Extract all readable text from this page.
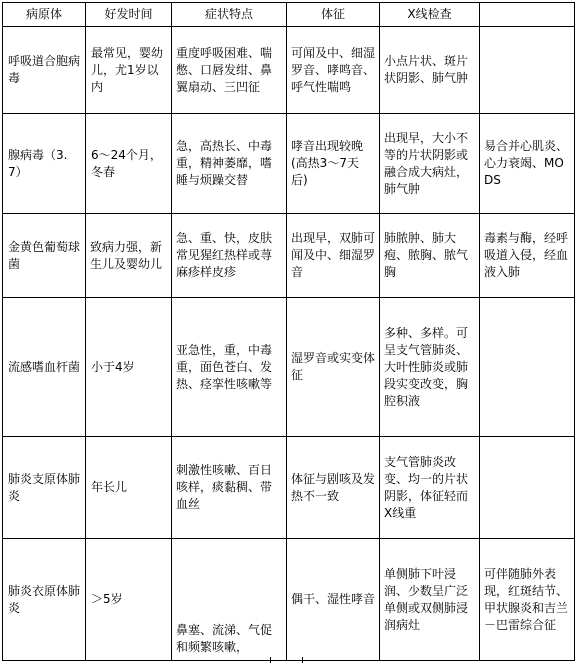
病原体	好发时间	症状特点	体征	X线检查	
呼吸道合胞病毒	最常见，婴幼儿，尤1岁以内	重度呼吸困难、喘憋、口唇发绀、鼻翼扇动、三凹征	可闻及中、细湿罗音、哮鸣音、呼气性喘鸣	小点片状、斑片状阴影、肺气肿	
腺病毒（3.7）	6～24个月，冬春	急，高热长、中毒重，精神萎靡，嗜睡与烦躁交替	哮音出现较晚(高热3～7天后)	出现早，大小不等的片状阴影或融合成大病灶，肺气肿	易合并心肌炎、心力衰竭、MODS
金黄色葡萄球菌	致病力强，新生儿及婴幼儿	急、重、快，皮肤常见猩红热样或荨麻疹样皮疹	出现早，双肺可闻及中、细湿罗音	肺脓肿、肺大疱、脓胸、脓气胸	毒素与酶，经呼吸道入侵，经血液入肺
流感嗜血杆菌	小于4岁	亚急性，重，中毒重，面色苍白、发热、痉挛性咳嗽等	湿罗音或实变体征	多种、多样。可呈支气管肺炎、大叶性肺炎或肺段实变改变，胸腔积液	
肺炎支原体肺炎	年长儿	刺激性咳嗽、百日咳样，痰黏稠、带血丝	体征与剧咳及发热不一致	支气管肺炎改变、均一的片状阴影，体征轻而X线重	
肺炎衣原体肺炎	＞5岁	鼻塞、流涕、气促和频繁咳嗽，	偶干、湿性哮音	单侧肺下叶浸润、少数呈广泛单侧或双侧肺浸润病灶	可伴随肺外表现，红斑结节、甲状腺炎和吉兰－巴雷综合征
